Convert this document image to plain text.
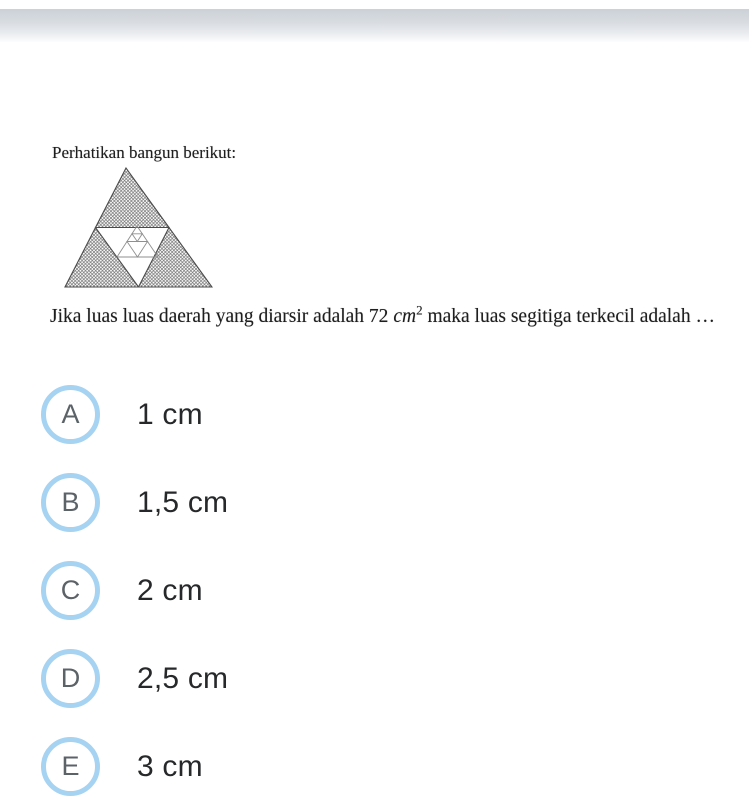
Perhatikan bangun berikut:
Jika luas luas daerah yang diarsir adalah 72 $cm^2$ maka luas segitiga terkecil adalah …
A 1 cm
B 1,5 cm
C 2 cm
D 2,5 cm
E 3 cm
